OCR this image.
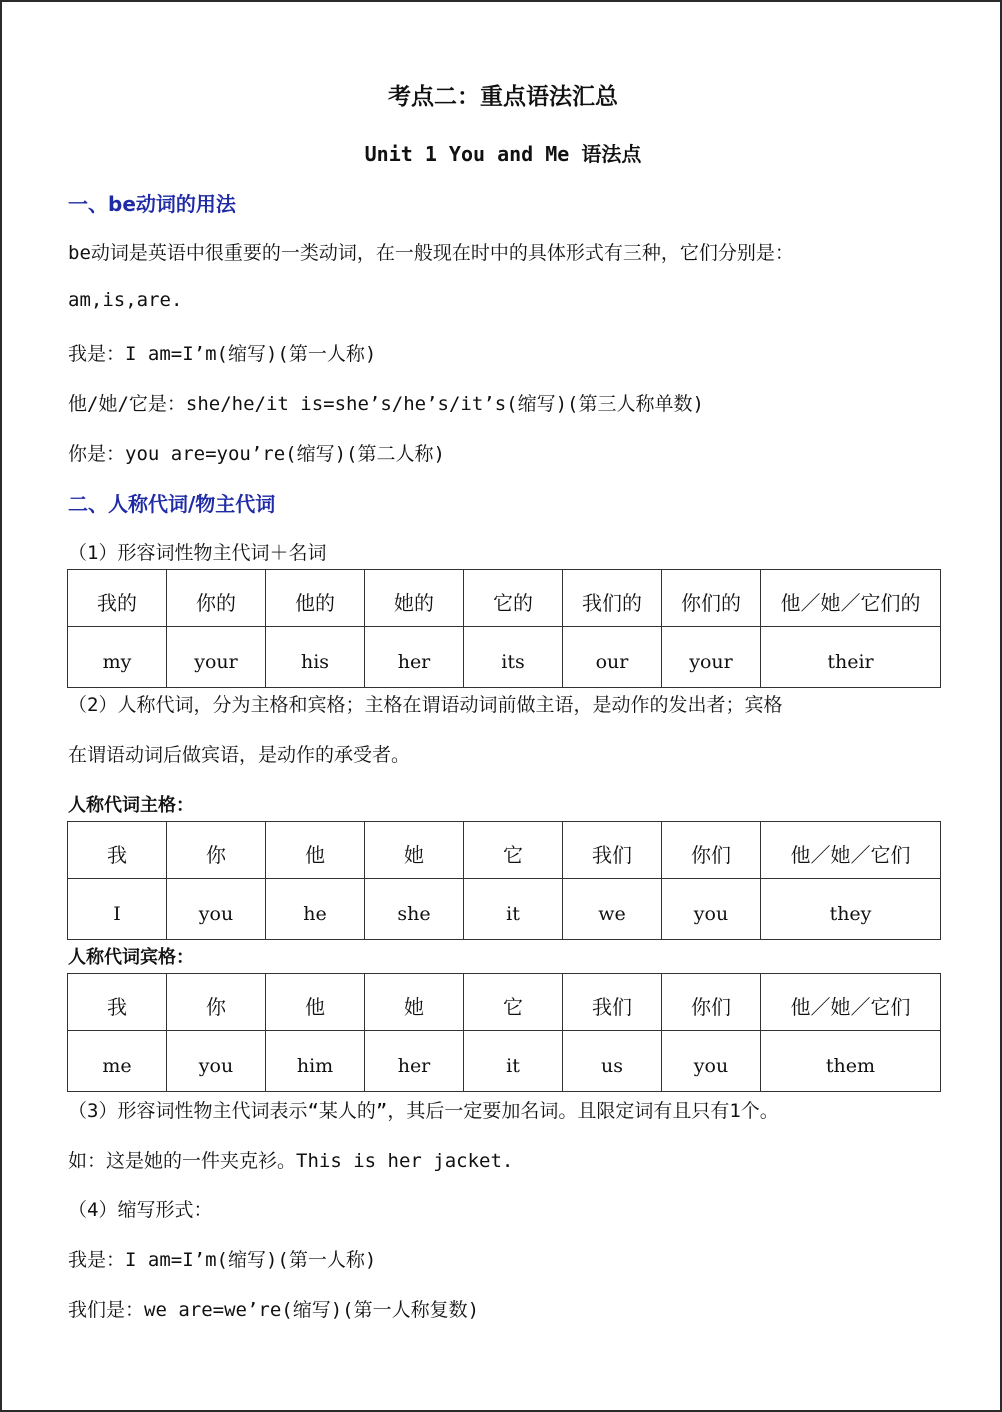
考点二：重点语法汇总
Unit 1 You and Me 语法点
一、be动词的用法
be动词是英语中很重要的一类动词，在一般现在时中的具体形式有三种，它们分别是：
am,is,are.
我是：I am=I’m(缩写)(第一人称)
他/她/它是：she/he/it is=she’s/he’s/it’s(缩写)(第三人称单数)
你是：you are=you’re(缩写)(第二人称)
二、人称代词/物主代词
（1）形容词性物主代词＋名词
我的	你的	他的	她的	它的	我们的	你们的	他／她／它们的
my	your	his	her	its	our	your	their
（2）人称代词，分为主格和宾格；主格在谓语动词前做主语，是动作的发出者；宾格
在谓语动词后做宾语，是动作的承受者。
人称代词主格：
我	你	他	她	它	我们	你们	他／她／它们
I	you	he	she	it	we	you	they
人称代词宾格：
我	你	他	她	它	我们	你们	他／她／它们
me	you	him	her	it	us	you	them
（3）形容词性物主代词表示“某人的”，其后一定要加名词。且限定词有且只有1个。
如：这是她的一件夹克衫。This is her jacket.
（4）缩写形式：
我是：I am=I’m(缩写)(第一人称)
我们是：we are=we’re(缩写)(第一人称复数)
